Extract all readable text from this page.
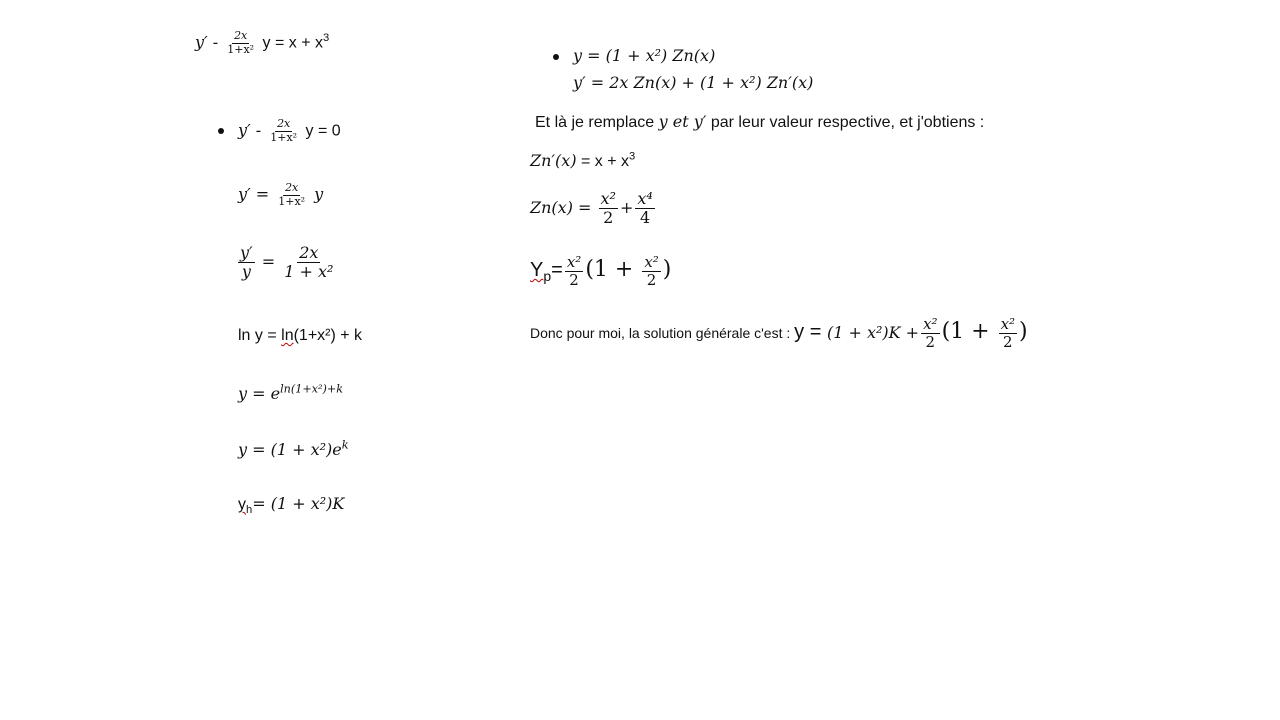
$y' - \frac{2x}{\text{1+x²}}$ $y = x + x^3$
$y' - \frac{2x}{\text{1+x²}}$ y = 0
$y' = \frac{2x}{\text{1+x²}}$ y
$\frac{y'}{y} = \frac{2x}{\text{1 + x²}}$
ln y = ln(1+x²) + k
$y = e^{ln(1+x^2)+k}$
$y = (1 + x^2)e^k$
$y_h= (1 + x^2)K$
y = (1 + x²) Zn(x)
y′ = 2x Zn(x) + (1 + x²) Zn′(x)
Et là je remplace y et y′ par leur valeur respective, et j'obtiens :
$Zn'(x) = x + x^3$
$Zn(x) = \frac{\text{x²}}{2} + \frac{\text{x⁴}}{4}$
$Y_p= \frac{\text{x²}}{2} (1 + \frac{\text{x²}}{2}$ )
Donc pour moi, la solution générale c'est : $y = (1 + x^2)K + \frac{\text{x²}}{2} (1 + \frac{\text{x²}}{2}$ )
